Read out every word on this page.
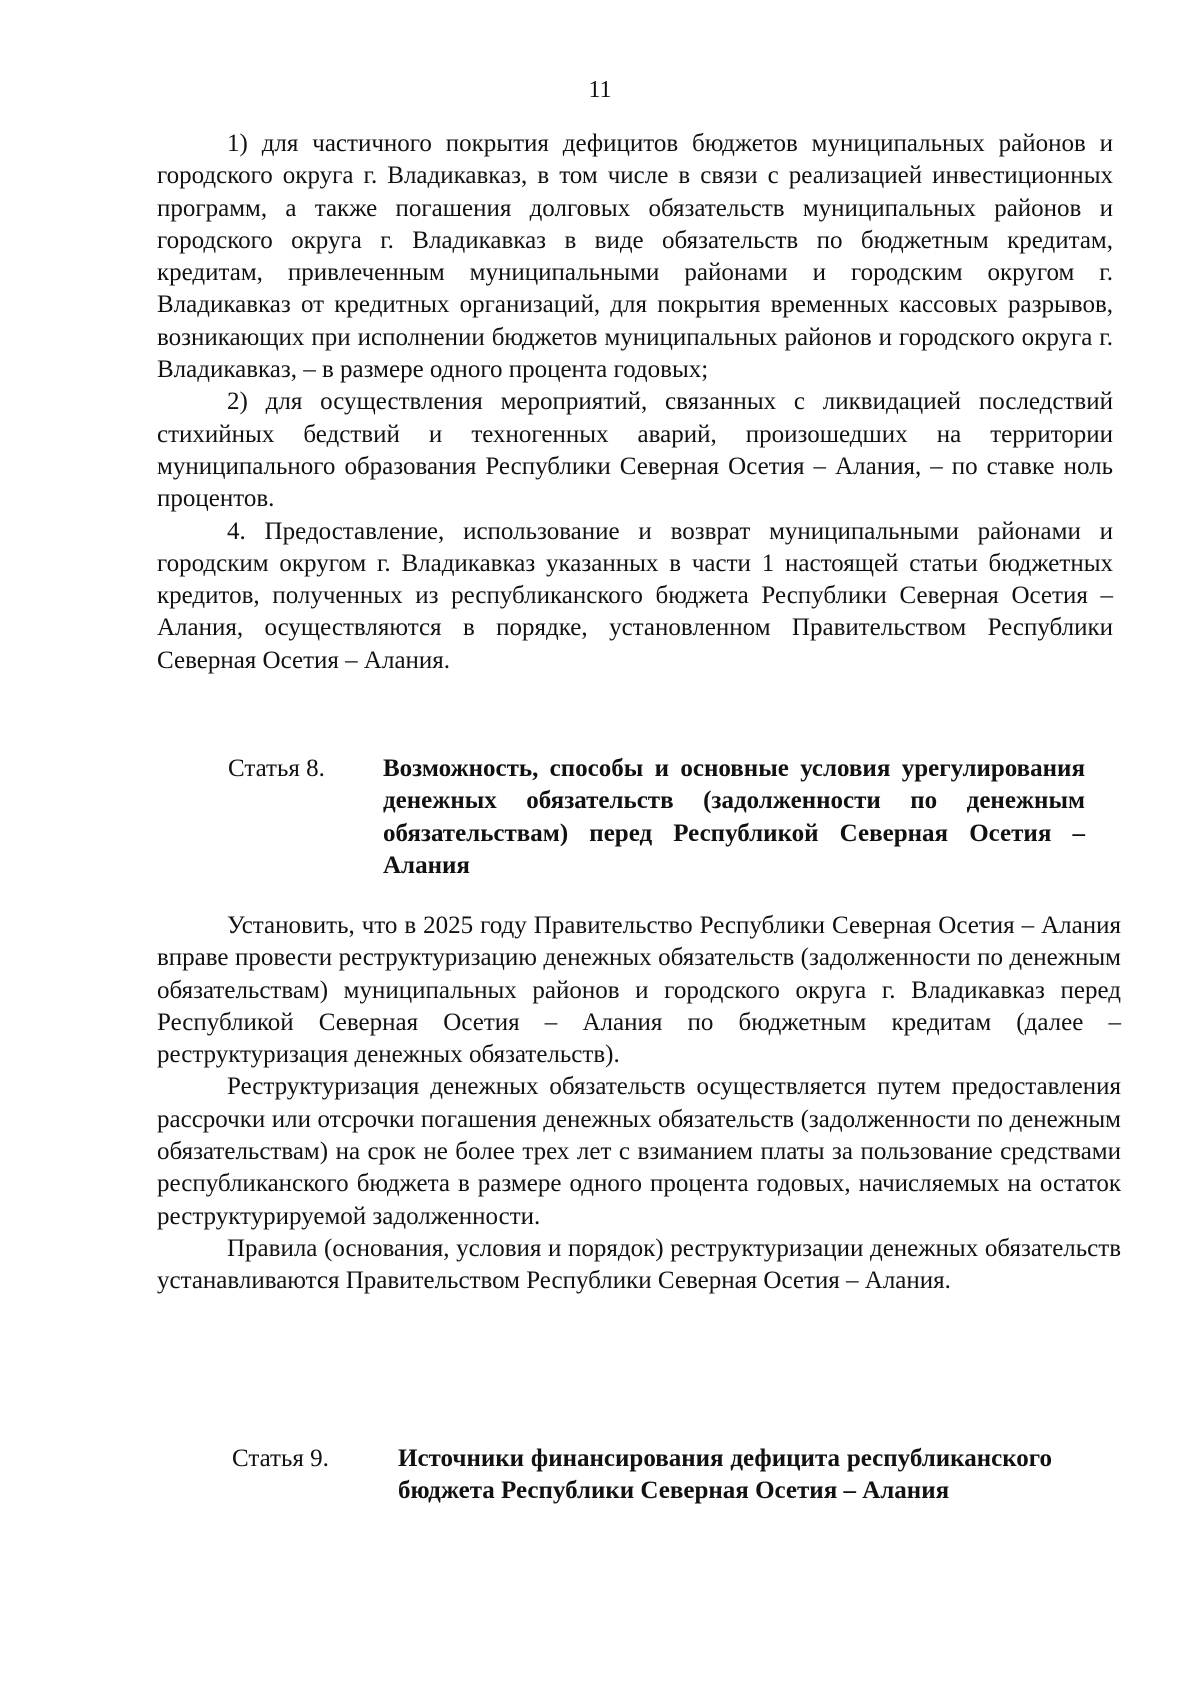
11

1) для частичного покрытия дефицитов бюджетов муниципальных районов и городского округа г. Владикавказ, в том числе в связи с реализацией инвестиционных программ, а также погашения долговых обязательств муниципальных районов и городского округа г. Владикавказ в виде обязательств по бюджетным кредитам, кредитам, привлеченным муниципальными районами и городским округом г. Владикавказ от кредитных организаций, для покрытия временных кассовых разрывов, возникающих при исполнении бюджетов муниципальных районов и городского округа г. Владикавказ, – в размере одного процента годовых;

2) для осуществления мероприятий, связанных с ликвидацией последствий стихийных бедствий и техногенных аварий, произошедших на территории муниципального образования Республики Северная Осетия – Алания, – по ставке ноль процентов.

4. Предоставление, использование и возврат муниципальными районами и городским округом г. Владикавказ указанных в части 1 настоящей статьи бюджетных кредитов, полученных из республиканского бюджета Республики Северная Осетия – Алания, осуществляются в порядке, установленном Правительством Республики Северная Осетия – Алания.

Статья 8.	Возможность, способы и основные условия урегулирования денежных обязательств (задолженности по денежным обязательствам) перед Республикой Северная Осетия – Алания

Установить, что в 2025 году Правительство Республики Северная Осетия – Алания вправе провести реструктуризацию денежных обязательств (задолженности по денежным обязательствам) муниципальных районов и городского округа г. Владикавказ перед Республикой Северная Осетия – Алания по бюджетным кредитам (далее – реструктуризация денежных обязательств).

Реструктуризация денежных обязательств осуществляется путем предоставления рассрочки или отсрочки погашения денежных обязательств (задолженности по денежным обязательствам) на срок не более трех лет с взиманием платы за пользование средствами республиканского бюджета в размере одного процента годовых, начисляемых на остаток реструктурируемой задолженности.

Правила (основания, условия и порядок) реструктуризации денежных обязательств устанавливаются Правительством Республики Северная Осетия – Алания.

Статья 9.	Источники финансирования дефицита республиканского бюджета Республики Северная Осетия – Алания
